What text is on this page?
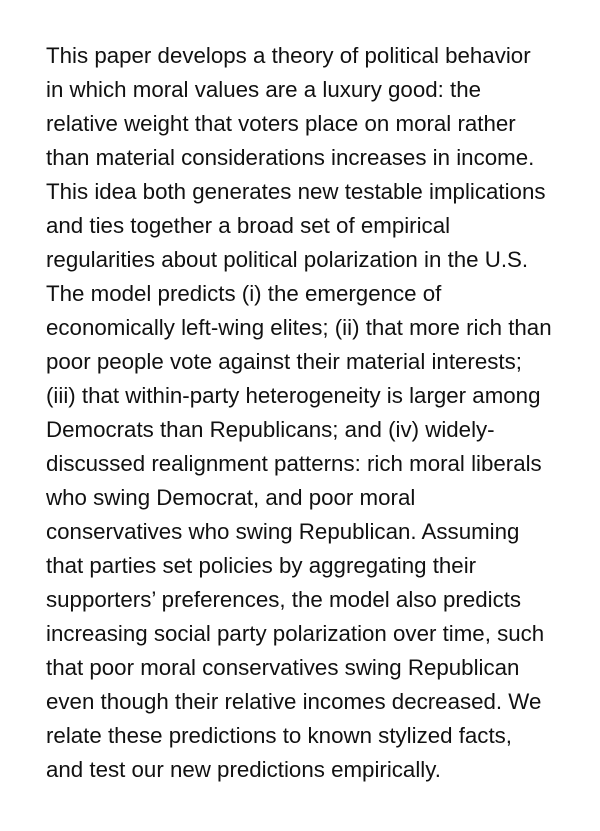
This paper develops a theory of political behavior
in which moral values are a luxury good: the
relative weight that voters place on moral rather
than material considerations increases in income.
This idea both generates new testable implications
and ties together a broad set of empirical
regularities about political polarization in the U.S.
The model predicts (i) the emergence of
economically left-wing elites; (ii) that more rich than
poor people vote against their material interests;
(iii) that within-party heterogeneity is larger among
Democrats than Republicans; and (iv) widely-
discussed realignment patterns: rich moral liberals
who swing Democrat, and poor moral
conservatives who swing Republican. Assuming
that parties set policies by aggregating their
supporters’ preferences, the model also predicts
increasing social party polarization over time, such
that poor moral conservatives swing Republican
even though their relative incomes decreased. We
relate these predictions to known stylized facts,
and test our new predictions empirically.
